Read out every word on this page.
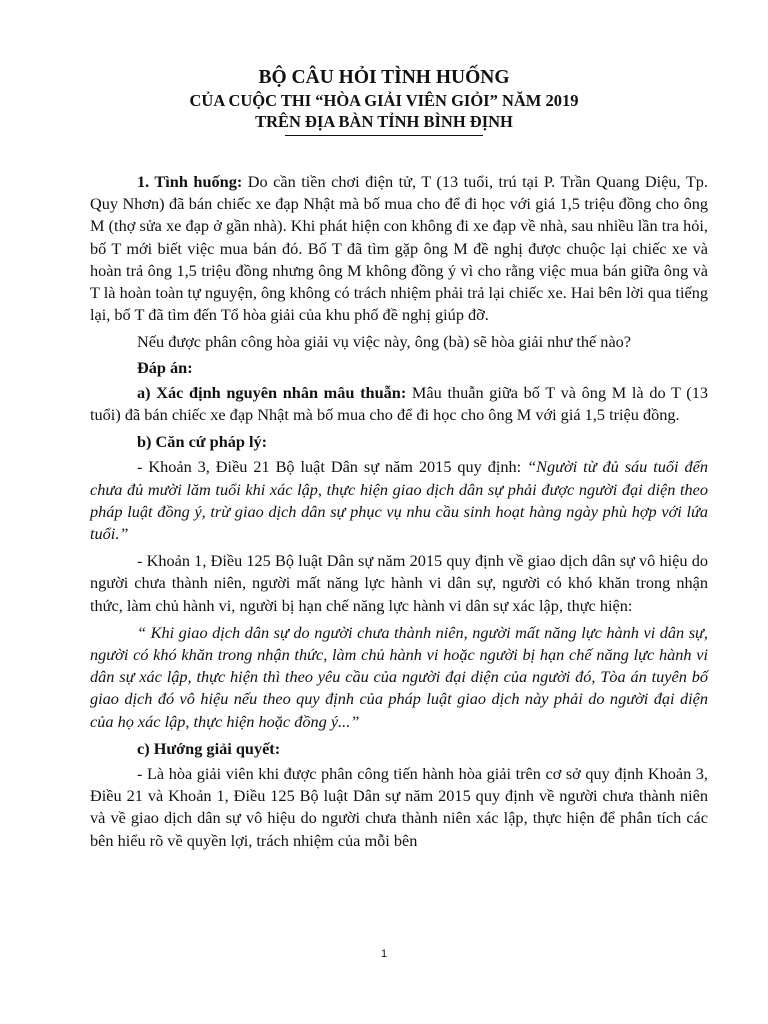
BỘ CÂU HỎI TÌNH HUỐNG
CỦA CUỘC THI “HÒA GIẢI VIÊN GIỎI” NĂM 2019
TRÊN ĐỊA BÀN TỈNH BÌNH ĐỊNH

1. Tình huống: Do cần tiền chơi điện tử, T (13 tuổi, trú tại P. Trần Quang Diệu, Tp. Quy Nhơn) đã bán chiếc xe đạp Nhật mà bố mua cho để đi học với giá 1,5 triệu đồng cho ông M (thợ sửa xe đạp ở gần nhà). Khi phát hiện con không đi xe đạp về nhà, sau nhiều lần tra hỏi, bố T mới biết việc mua bán đó. Bố T đã tìm gặp ông M đề nghị được chuộc lại chiếc xe và hoàn trả ông 1,5 triệu đồng nhưng ông M không đồng ý vì cho rằng việc mua bán giữa ông và T là hoàn toàn tự nguyện, ông không có trách nhiệm phải trả lại chiếc xe. Hai bên lời qua tiếng lại, bố T đã tìm đến Tổ hòa giải của khu phố đề nghị giúp đỡ.

Nếu được phân công hòa giải vụ việc này, ông (bà) sẽ hòa giải như thế nào?

Đáp án:

a) Xác định nguyên nhân mâu thuẫn: Mâu thuẫn giữa bố T và ông M là do T (13 tuổi) đã bán chiếc xe đạp Nhật mà bố mua cho để đi học cho ông M với giá 1,5 triệu đồng.

b) Căn cứ pháp lý:

- Khoản 3, Điều 21 Bộ luật Dân sự năm 2015 quy định: “Người từ đủ sáu tuổi đến chưa đủ mười lăm tuổi khi xác lập, thực hiện giao dịch dân sự phải được người đại diện theo pháp luật đồng ý, trừ giao dịch dân sự phục vụ nhu cầu sinh hoạt hàng ngày phù hợp với lứa tuổi.”

- Khoản 1, Điều 125 Bộ luật Dân sự năm 2015 quy định về giao dịch dân sự vô hiệu do người chưa thành niên, người mất năng lực hành vi dân sự, người có khó khăn trong nhận thức, làm chủ hành vi, người bị hạn chế năng lực hành vi dân sự xác lập, thực hiện:

“ Khi giao dịch dân sự do người chưa thành niên, người mất năng lực hành vi dân sự, người có khó khăn trong nhận thức, làm chủ hành vi hoặc người bị hạn chế năng lực hành vi dân sự xác lập, thực hiện thì theo yêu cầu của người đại diện của người đó, Tòa án tuyên bố giao dịch đó vô hiệu nếu theo quy định của pháp luật giao dịch này phải do người đại diện của họ xác lập, thực hiện hoặc đồng ý...”

c) Hướng giải quyết:

- Là hòa giải viên khi được phân công tiến hành hòa giải trên cơ sở quy định Khoản 3, Điều 21 và Khoản 1, Điều 125 Bộ luật Dân sự năm 2015 quy định về người chưa thành niên và về giao dịch dân sự vô hiệu do người chưa thành niên xác lập, thực hiện để phân tích các bên hiểu rõ về quyền lợi, trách nhiệm của mỗi bên

1
